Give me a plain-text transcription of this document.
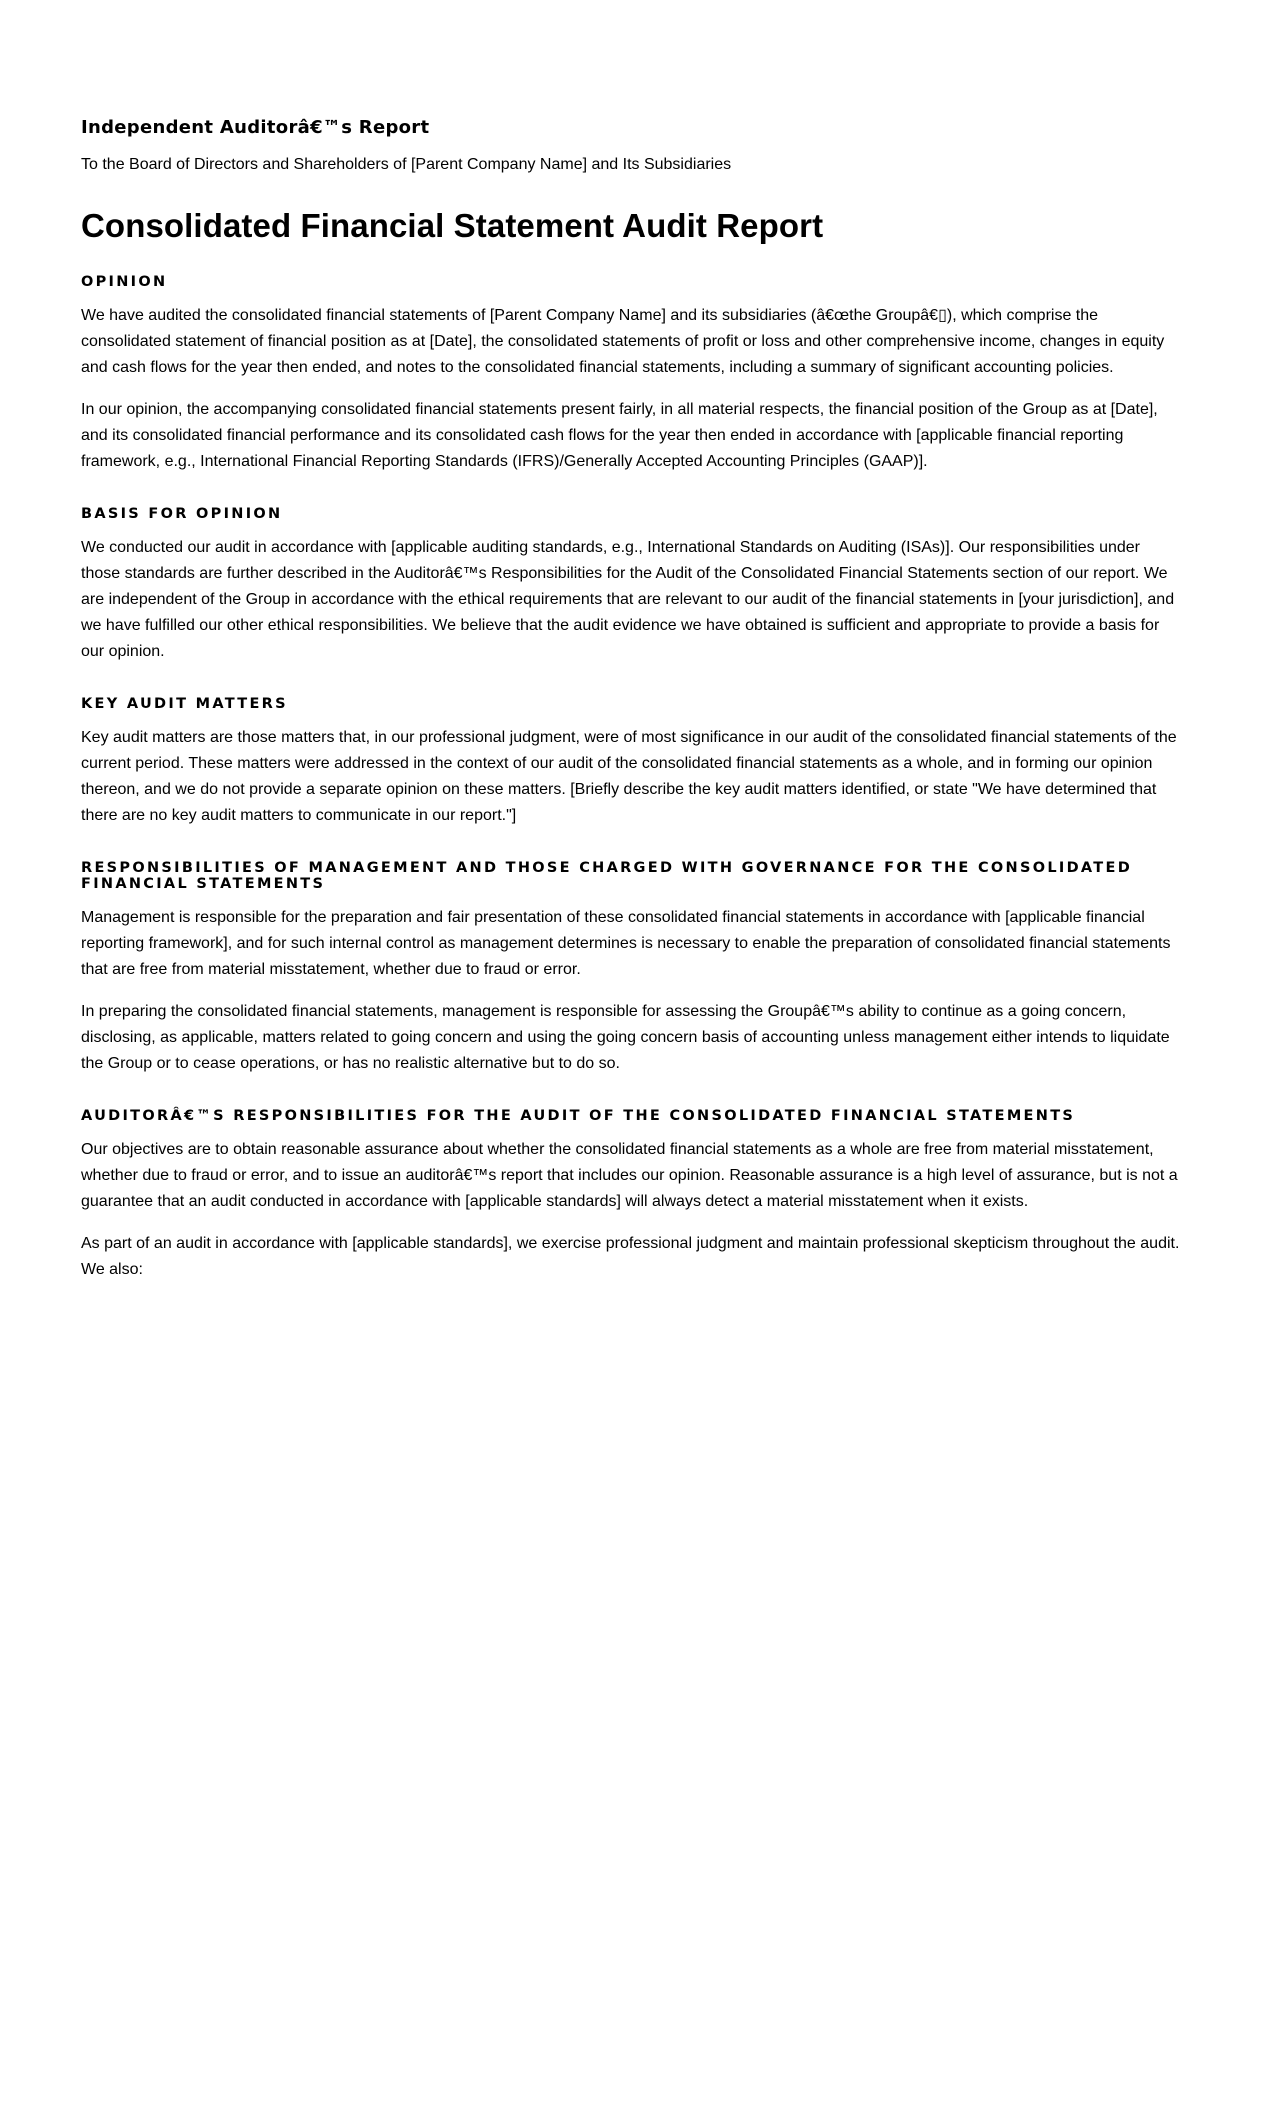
Independent Auditorâ€™s Report

To the Board of Directors and Shareholders of [Parent Company Name] and Its Subsidiaries

Consolidated Financial Statement Audit Report
OPINION

We have audited the consolidated financial statements of [Parent Company Name] and its subsidiaries (â€œthe Groupâ€▯), which comprise the consolidated statement of financial position as at [Date], the consolidated statements of profit or loss and other comprehensive income, changes in equity and cash flows for the year then ended, and notes to the consolidated financial statements, including a summary of significant accounting policies.

In our opinion, the accompanying consolidated financial statements present fairly, in all material respects, the financial position of the Group as at [Date], and its consolidated financial performance and its consolidated cash flows for the year then ended in accordance with [applicable financial reporting framework, e.g., International Financial Reporting Standards (IFRS)/Generally Accepted Accounting Principles (GAAP)].

BASIS FOR OPINION

We conducted our audit in accordance with [applicable auditing standards, e.g., International Standards on Auditing (ISAs)]. Our responsibilities under those standards are further described in the Auditorâ€™s Responsibilities for the Audit of the Consolidated Financial Statements section of our report. We are independent of the Group in accordance with the ethical requirements that are relevant to our audit of the financial statements in [your jurisdiction], and we have fulfilled our other ethical responsibilities. We believe that the audit evidence we have obtained is sufficient and appropriate to provide a basis for our opinion.

KEY AUDIT MATTERS

Key audit matters are those matters that, in our professional judgment, were of most significance in our audit of the consolidated financial statements of the current period. These matters were addressed in the context of our audit of the consolidated financial statements as a whole, and in forming our opinion thereon, and we do not provide a separate opinion on these matters. [Briefly describe the key audit matters identified, or state "We have determined that there are no key audit matters to communicate in our report."]

RESPONSIBILITIES OF MANAGEMENT AND THOSE CHARGED WITH GOVERNANCE FOR THE CONSOLIDATED FINANCIAL STATEMENTS

Management is responsible for the preparation and fair presentation of these consolidated financial statements in accordance with [applicable financial reporting framework], and for such internal control as management determines is necessary to enable the preparation of consolidated financial statements that are free from material misstatement, whether due to fraud or error.

In preparing the consolidated financial statements, management is responsible for assessing the Groupâ€™s ability to continue as a going concern, disclosing, as applicable, matters related to going concern and using the going concern basis of accounting unless management either intends to liquidate the Group or to cease operations, or has no realistic alternative but to do so.

AUDITORÂ€™S RESPONSIBILITIES FOR THE AUDIT OF THE CONSOLIDATED FINANCIAL STATEMENTS

Our objectives are to obtain reasonable assurance about whether the consolidated financial statements as a whole are free from material misstatement, whether due to fraud or error, and to issue an auditorâ€™s report that includes our opinion. Reasonable assurance is a high level of assurance, but is not a guarantee that an audit conducted in accordance with [applicable standards] will always detect a material misstatement when it exists.

As part of an audit in accordance with [applicable standards], we exercise professional judgment and maintain professional skepticism throughout the audit. We also:
